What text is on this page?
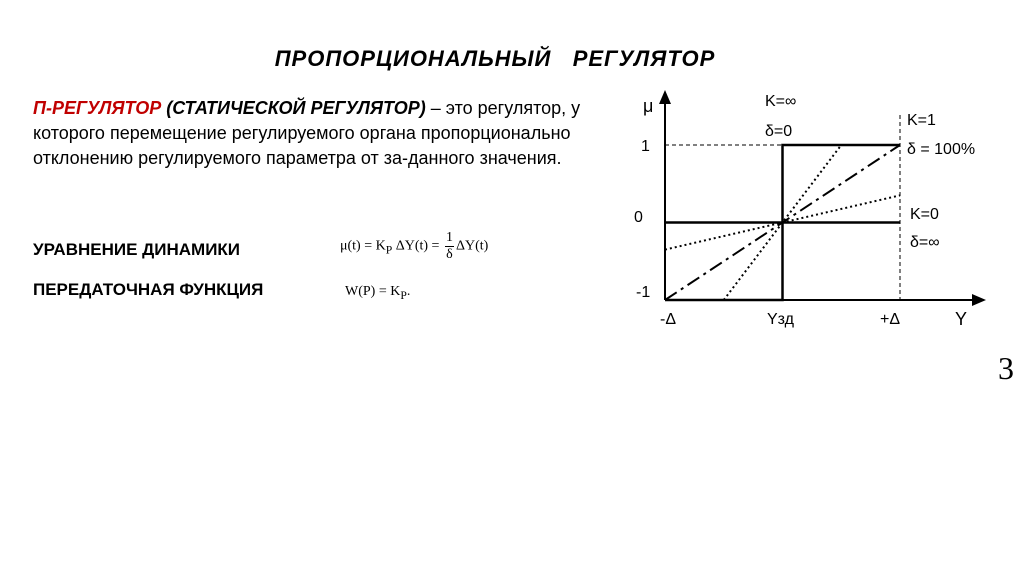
ПРОПОРЦИОНАЛЬНЫЙ   РЕГУЛЯТОР
П-РЕГУЛЯТОР (СТАТИЧЕСКОЙ РЕГУЛЯТОР) – это регулятор, у которого перемещение регулируемого органа пропорционально отклонению регулируемого параметра от за-данного значения.
УРАВНЕНИЕ ДИНАМИКИ	$\mu(t) = K_P$ $\Delta Y(t) = \frac{1}{\delta} \Delta Y(t)$
ПЕРЕДАТОЧНАЯ ФУНКЦИЯ	$W(P) = K_P$.
3
μ
Y
1
0
-1
-Δ	Yзд	+Δ
K=∞
δ=0
K=1
δ = 100%
K=0
δ=∞
